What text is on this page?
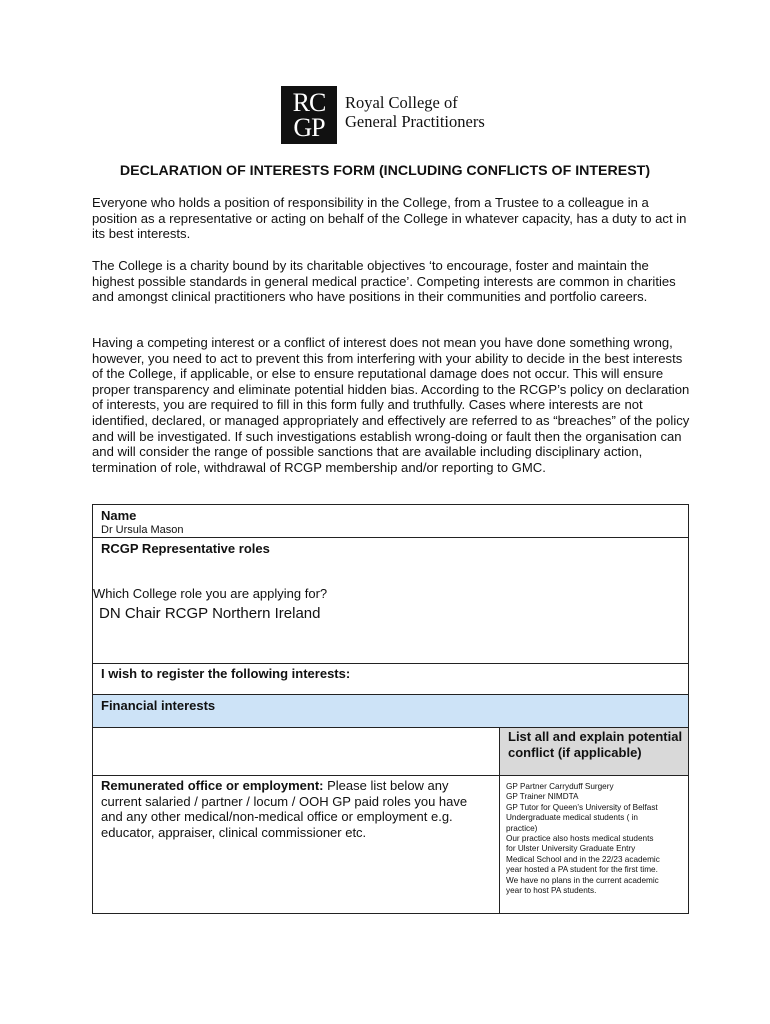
RC
GP
Royal College of
General Practitioners
DECLARATION OF INTERESTS FORM (INCLUDING CONFLICTS OF INTEREST)
Everyone who holds a position of responsibility in the College, from a Trustee to a colleague in a position as a representative or acting on behalf of the College in whatever capacity, has a duty to act in its best interests.
The College is a charity bound by its charitable objectives ‘to encourage, foster and maintain the highest possible standards in general medical practice’. Competing interests are common in charities and amongst clinical practitioners who have positions in their communities and portfolio careers.
Having a competing interest or a conflict of interest does not mean you have done something wrong, however, you need to act to prevent this from interfering with your ability to decide in the best interests of the College, if applicable, or else to ensure reputational damage does not occur. This will ensure proper transparency and eliminate potential hidden bias. According to the RCGP’s policy on declaration of interests, you are required to fill in this form fully and truthfully. Cases where interests are not identified, declared, or managed appropriately and effectively are referred to as “breaches” of the policy and will be investigated. If such investigations establish wrong-doing or fault then the organisation can and will consider the range of possible sanctions that are available including disciplinary action, termination of role, withdrawal of RCGP membership and/or reporting to GMC.
Name
Dr Ursula Mason
RCGP Representative roles
Which College role you are applying for?
DN Chair RCGP Northern Ireland
I wish to register the following interests:
Financial interests
List all and explain potential conflict (if applicable)
Remunerated office or employment: Please list below any current salaried / partner / locum / OOH GP paid roles you have and any other medical/non-medical office or employment e.g. educator, appraiser, clinical commissioner etc.
GP Partner Carryduff Surgery
GP Trainer NIMDTA
GP Tutor for Queen’s University of Belfast
Undergraduate medical students ( in
practice)
Our practice also hosts medical students
for Ulster University Graduate Entry
Medical School and in the 22/23 academic
year hosted a PA student for the first time.
We have no plans in the current academic
year to host PA students.
